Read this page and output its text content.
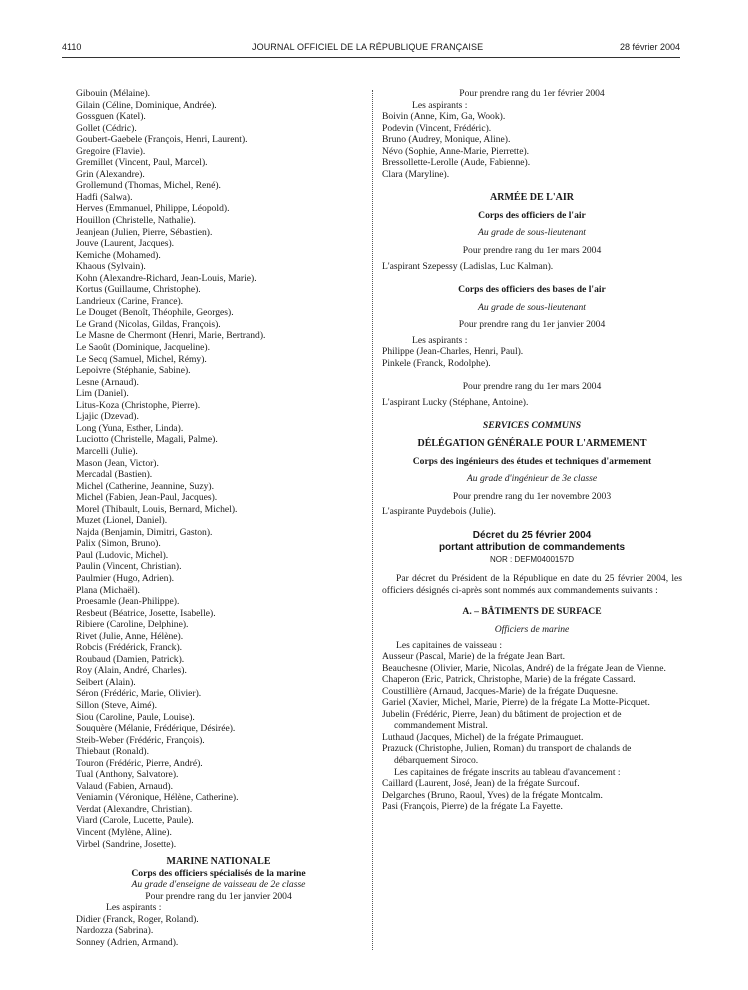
4110	JOURNAL OFFICIEL DE LA RÉPUBLIQUE FRANÇAISE	28 février 2004
Gibouin (Mélaine).
Gilain (Céline, Dominique, Andrée).
Gossguen (Katel).
Gollet (Cédric).
Goubert-Gaebele (François, Henri, Laurent).
Gregoire (Flavie).
Gremillet (Vincent, Paul, Marcel).
Grin (Alexandre).
Grollemund (Thomas, Michel, René).
Hadfi (Salwa).
Herves (Emmanuel, Philippe, Léopold).
Houillon (Christelle, Nathalie).
Jeanjean (Julien, Pierre, Sébastien).
Jouve (Laurent, Jacques).
Kemiche (Mohamed).
Khaous (Sylvain).
Kohn (Alexandre-Richard, Jean-Louis, Marie).
Kortus (Guillaume, Christophe).
Landrieux (Carine, France).
Le Douget (Benoît, Théophile, Georges).
Le Grand (Nicolas, Gildas, François).
Le Masne de Chermont (Henri, Marie, Bertrand).
Le Saoût (Dominique, Jacqueline).
Le Secq (Samuel, Michel, Rémy).
Lepoivre (Stéphanie, Sabine).
Lesne (Arnaud).
Lim (Daniel).
Litus-Koza (Christophe, Pierre).
Ljajic (Dzevad).
Long (Yuna, Esther, Linda).
Luciotto (Christelle, Magali, Palme).
Marcelli (Julie).
Mason (Jean, Victor).
Mercadal (Bastien).
Michel (Catherine, Jeannine, Suzy).
Michel (Fabien, Jean-Paul, Jacques).
Morel (Thibault, Louis, Bernard, Michel).
Muzet (Lionel, Daniel).
Najda (Benjamin, Dimitri, Gaston).
Palix (Simon, Bruno).
Paul (Ludovic, Michel).
Paulin (Vincent, Christian).
Paulmier (Hugo, Adrien).
Plana (Michaël).
Proesamle (Jean-Philippe).
Resbeut (Béatrice, Josette, Isabelle).
Ribiere (Caroline, Delphine).
Rivet (Julie, Anne, Hélène).
Robcis (Frédérick, Franck).
Roubaud (Damien, Patrick).
Roy (Alain, André, Charles).
Seibert (Alain).
Séron (Frédéric, Marie, Olivier).
Sillon (Steve, Aimé).
Siou (Caroline, Paule, Louise).
Souquère (Mélanie, Frédérique, Désirée).
Steib-Weber (Frédéric, François).
Thiebaut (Ronald).
Touron (Frédéric, Pierre, André).
Tual (Anthony, Salvatore).
Valaud (Fabien, Arnaud).
Veniamin (Véronique, Hélène, Catherine).
Verdat (Alexandre, Christian).
Viard (Carole, Lucette, Paule).
Vincent (Mylène, Aline).
Virbel (Sandrine, Josette).
MARINE NATIONALE
Corps des officiers spécialisés de la marine
Au grade d'enseigne de vaisseau de 2e classe
Pour prendre rang du 1er janvier 2004
Les aspirants :
Didier (Franck, Roger, Roland).
Nardozza (Sabrina).
Sonney (Adrien, Armand).
Pour prendre rang du 1er février 2004
Les aspirants :
Boivin (Anne, Kim, Ga, Wook).
Podevin (Vincent, Frédéric).
Bruno (Audrey, Monique, Aline).
Névo (Sophie, Anne-Marie, Pierrette).
Bressollette-Lerolle (Aude, Fabienne).
Clara (Maryline).
ARMÉE DE L'AIR
Corps des officiers de l'air
Au grade de sous-lieutenant
Pour prendre rang du 1er mars 2004
L'aspirant Szepessy (Ladislas, Luc Kalman).
Corps des officiers des bases de l'air
Au grade de sous-lieutenant
Pour prendre rang du 1er janvier 2004
Les aspirants :
Philippe (Jean-Charles, Henri, Paul).
Pinkele (Franck, Rodolphe).
Pour prendre rang du 1er mars 2004
L'aspirant Lucky (Stéphane, Antoine).
SERVICES COMMUNS
DÉLÉGATION GÉNÉRALE POUR L'ARMEMENT
Corps des ingénieurs des études et techniques d'armement
Au grade d'ingénieur de 3e classe
Pour prendre rang du 1er novembre 2003
L'aspirante Puydebois (Julie).
Décret du 25 février 2004
portant attribution de commandements
NOR : DEFM0400157D
Par décret du Président de la République en date du 25 février 2004, les officiers désignés ci-après sont nommés aux commandements suivants :
A. – BÂTIMENTS DE SURFACE
Officiers de marine
Les capitaines de vaisseau :
Ausseur (Pascal, Marie) de la frégate Jean Bart.
Beauchesne (Olivier, Marie, Nicolas, André) de la frégate Jean de Vienne.
Chaperon (Eric, Patrick, Christophe, Marie) de la frégate Cassard.
Coustillière (Arnaud, Jacques-Marie) de la frégate Duquesne.
Gariel (Xavier, Michel, Marie, Pierre) de la frégate La Motte-Picquet.
Jubelin (Frédéric, Pierre, Jean) du bâtiment de projection et de commandement Mistral.
Luthaud (Jacques, Michel) de la frégate Primauguet.
Prazuck (Christophe, Julien, Roman) du transport de chalands de débarquement Siroco.
Les capitaines de frégate inscrits au tableau d'avancement :
Caillard (Laurent, José, Jean) de la frégate Surcouf.
Delgarches (Bruno, Raoul, Yves) de la frégate Montcalm.
Pasi (François, Pierre) de la frégate La Fayette.
